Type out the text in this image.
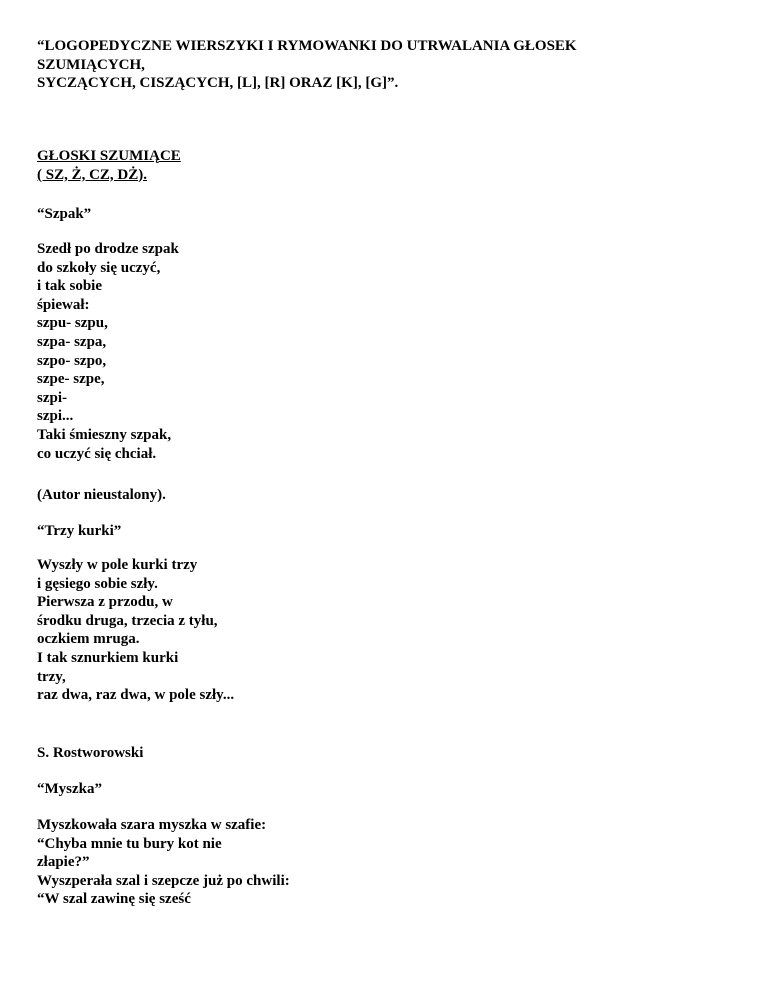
“LOGOPEDYCZNE WIERSZYKI I RYMOWANKI DO UTRWALANIA GŁOSEK
SZUMIĄCYCH,
SYCZĄCYCH, CISZĄCYCH, [L], [R] ORAZ [K], [G]”.
GŁOSKI SZUMIĄCE
( SZ, Ż, CZ, DŻ).
“Szpak”
Szedł po drodze szpak
do szkoły się uczyć,
i tak sobie
śpiewał:
szpu- szpu,
szpa- szpa,
szpo- szpo,
szpe- szpe,
szpi-
szpi...
Taki śmieszny szpak,
co uczyć się chciał.
(Autor nieustalony).
“Trzy kurki”
Wyszły w pole kurki trzy
i gęsiego sobie szły.
Pierwsza z przodu, w
środku druga, trzecia z tyłu,
oczkiem mruga.
I tak sznurkiem kurki
trzy,
raz dwa, raz dwa, w pole szły...
S. Rostworowski
“Myszka”
Myszkowała szara myszka w szafie:
“Chyba mnie tu bury kot nie
złapie?”
Wyszperała szal i szepcze już po chwili:
“W szal zawinę się sześć
